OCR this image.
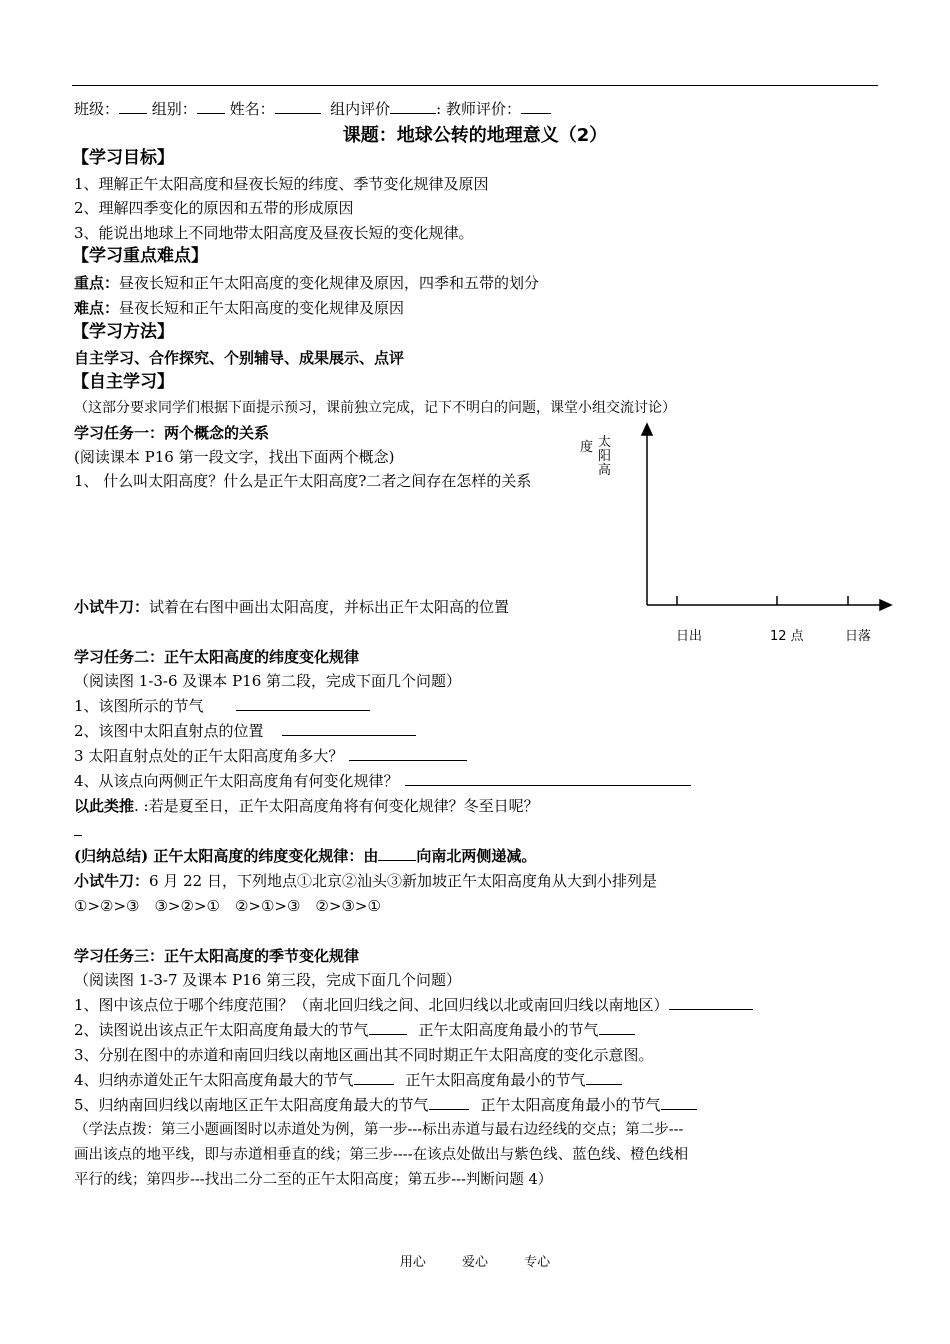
班级： 组别： 姓名：	组内评价	: 教师评价：
课题：地球公转的地理意义（2）
【学习目标】
1、理解正午太阳高度和昼夜长短的纬度、季节变化规律及原因
2、理解四季变化的原因和五带的形成原因
3、能说出地球上不同地带太阳高度及昼夜长短的变化规律。
【学习重点难点】
重点：昼夜长短和正午太阳高度的变化规律及原因，四季和五带的划分
难点：昼夜长短和正午太阳高度的变化规律及原因
【学习方法】
自主学习、合作探究、个别辅导、成果展示、点评
【自主学习】
（这部分要求同学们根据下面提示预习，课前独立完成，记下不明白的问题，课堂小组交流讨论）
学习任务一：两个概念的关系
(阅读课本 P16 第一段文字，找出下面两个概念)
1、 什么叫太阳高度？什么是正午太阳高度?二者之间存在怎样的关系
小试牛刀：试着在右图中画出太阳高度，并标出正午太阳高的位置
度 太
阳
高
日出	12 点	日落
学习任务二：正午太阳高度的纬度变化规律
（阅读图 1-3-6 及课本 P16 第二段，完成下面几个问题）
1、该图所示的节气
2、该图中太阳直射点的位置
3 太阳直射点处的正午太阳高度角多大？
4、从该点向两侧正午太阳高度角有何变化规律？
以此类推. :若是夏至日，正午太阳高度角将有何变化规律？冬至日呢？
(归纳总结) 正午太阳高度的纬度变化规律：由	向南北两侧递减。
小试牛刀：6 月 22 日，下列地点①北京②汕头③新加坡正午太阳高度角从大到小排列是
①>②>③　③>②>①　②>①>③　②>③>①
学习任务三：正午太阳高度的季节变化规律
（阅读图 1-3-7 及课本 P16 第三段，完成下面几个问题）
1、图中该点位于哪个纬度范围？（南北回归线之间、北回归线以北或南回归线以南地区）
2、读图说出该点正午太阳高度角最大的节气	正午太阳高度角最小的节气
3、分别在图中的赤道和南回归线以南地区画出其不同时期正午太阳高度的变化示意图。
4、归纳赤道处正午太阳高度角最大的节气	正午太阳高度角最小的节气
5、归纳南回归线以南地区正午太阳高度角最大的节气	正午太阳高度角最小的节气
（学法点拨：第三小题画图时以赤道处为例，第一步---标出赤道与最右边经线的交点；第二步---
画出该点的地平线，即与赤道相垂直的线；第三步----在该点处做出与紫色线、蓝色线、橙色线相
平行的线；第四步---找出二分二至的正午太阳高度；第五步---判断问题 4）
用心	爱心	专心
